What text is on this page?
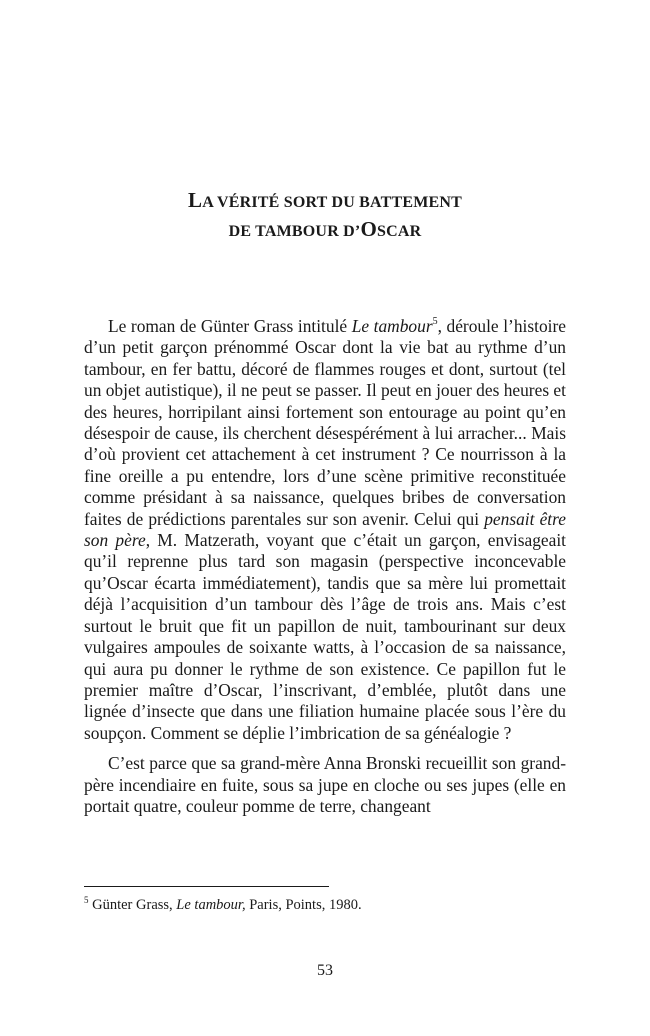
LA VÉRITÉ SORT DU BATTEMENT
DE TAMBOUR D’OSCAR

Le roman de Günter Grass intitulé Le tambour$^5$, déroule l’histoire d’un petit garçon prénommé Oscar dont la vie bat au rythme d’un tambour, en fer battu, décoré de flammes rouges et dont, surtout (tel un objet autistique), il ne peut se passer. Il peut en jouer des heures et des heures, horripilant ainsi fortement son entourage au point qu’en désespoir de cause, ils cherchent désespérément à lui arracher... Mais d’où provient cet attachement à cet instrument ? Ce nourrisson à la fine oreille a pu entendre, lors d’une scène primitive reconstituée comme présidant à sa naissance, quelques bribes de conversation faites de prédictions parentales sur son avenir. Celui qui pensait être son père, M. Matzerath, voyant que c’était un garçon, envisageait qu’il reprenne plus tard son magasin (perspective inconcevable qu’Oscar écarta immédiatement), tandis que sa mère lui promettait déjà l’acquisition d’un tambour dès l’âge de trois ans. Mais c’est surtout le bruit que fit un papillon de nuit, tambourinant sur deux vulgaires ampoules de soixante watts, à l’occasion de sa naissance, qui aura pu donner le rythme de son existence. Ce papillon fut le premier maître d’Oscar, l’inscrivant, d’emblée, plutôt dans une lignée d’insecte que dans une filiation humaine placée sous l’ère du soupçon. Comment se déplie l’imbrication de sa généalogie ?

C’est parce que sa grand-mère Anna Bronski recueillit son grand-père incendiaire en fuite, sous sa jupe en cloche ou ses jupes (elle en portait quatre, couleur pomme de terre, changeant

$^5$ Günter Grass, Le tambour, Paris, Points, 1980.
53
